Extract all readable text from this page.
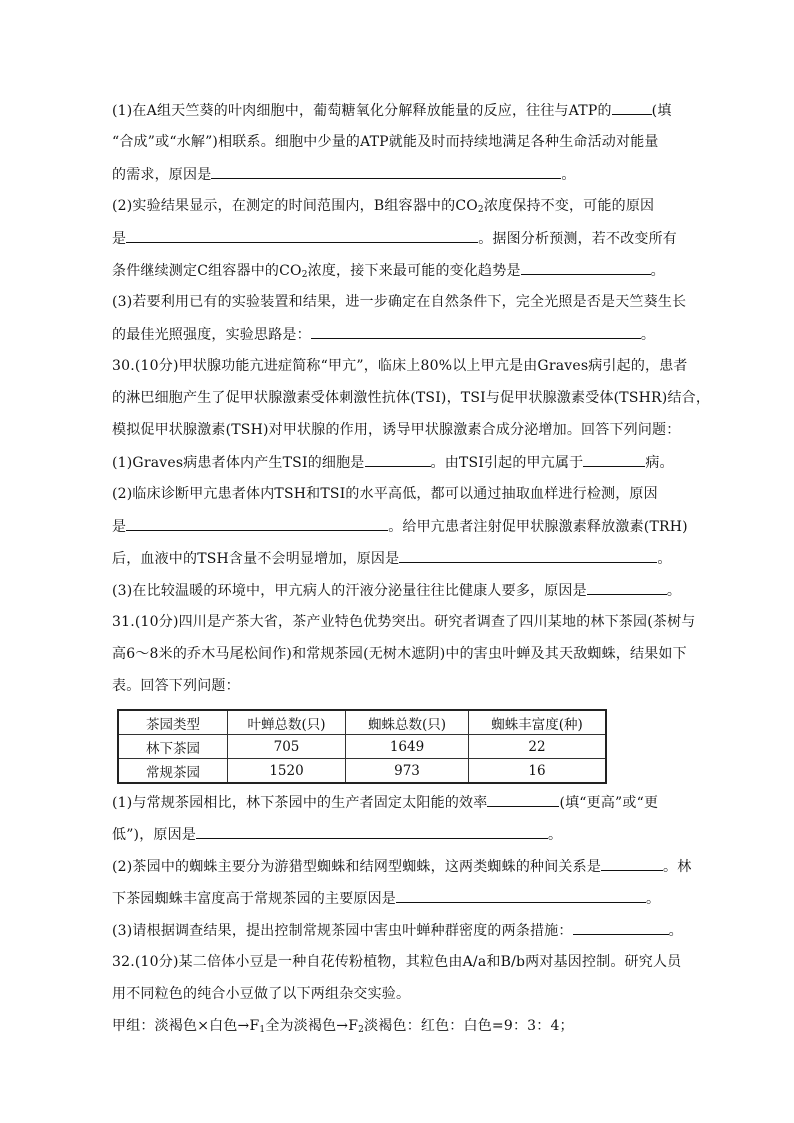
(1)在A组天竺葵的叶肉细胞中，葡萄糖氧化分解释放能量的反应，往往与ATP的	(填
“合成”或“水解”)相联系。细胞中少量的ATP就能及时而持续地满足各种生命活动对能量
的需求，原因是	。
(2)实验结果显示，在测定的时间范围内，B组容器中的$CO_2$浓度保持不变，可能的原因
是	。据图分析预测，若不改变所有
条件继续测定C组容器中的$CO_2$浓度，接下来最可能的变化趋势是	。
(3)若要利用已有的实验装置和结果，进一步确定在自然条件下，完全光照是否是天竺葵生长
的最佳光照强度，实验思路是：	。
30.(10分)甲状腺功能亢进症简称“甲亢”，临床上80%以上甲亢是由Graves病引起的，患者
的淋巴细胞产生了促甲状腺激素受体刺激性抗体(TSI)，TSI与促甲状腺激素受体(TSHR)结合，
模拟促甲状腺激素(TSH)对甲状腺的作用，诱导甲状腺激素合成分泌增加。回答下列问题：
(1)Graves病患者体内产生TSI的细胞是	。由TSI引起的甲亢属于	病。
(2)临床诊断甲亢患者体内TSH和TSI的水平高低，都可以通过抽取血样进行检测，原因
是	。给甲亢患者注射促甲状腺激素释放激素(TRH)
后，血液中的TSH含量不会明显增加，原因是	。
(3)在比较温暖的环境中，甲亢病人的汗液分泌量往往比健康人要多，原因是	。
31.(10分)四川是产茶大省，茶产业特色优势突出。研究者调查了四川某地的林下茶园(茶树与
高6～8米的乔木马尾松间作)和常规茶园(无树木遮阴)中的害虫叶蝉及其天敌蜘蛛，结果如下
表。回答下列问题：
茶园类型	叶蝉总数(只)	蜘蛛总数(只)	蜘蛛丰富度(种)
林下茶园	705	1649	22
常规茶园	1520	973	16
(1)与常规茶园相比，林下茶园中的生产者固定太阳能的效率	(填“更高”或“更
低”)，原因是	。
(2)茶园中的蜘蛛主要分为游猎型蜘蛛和结网型蜘蛛，这两类蜘蛛的种间关系是	。林
下茶园蜘蛛丰富度高于常规茶园的主要原因是	。
(3)请根据调查结果，提出控制常规茶园中害虫叶蝉种群密度的两条措施：	。
32.(10分)某二倍体小豆是一种自花传粉植物，其粒色由A/a和B/b两对基因控制。研究人员
用不同粒色的纯合小豆做了以下两组杂交实验。
甲组：淡褐色×白色$\to F_1$全为淡褐色$\to F_2$淡褐色：红色：白色=9：3：4；
